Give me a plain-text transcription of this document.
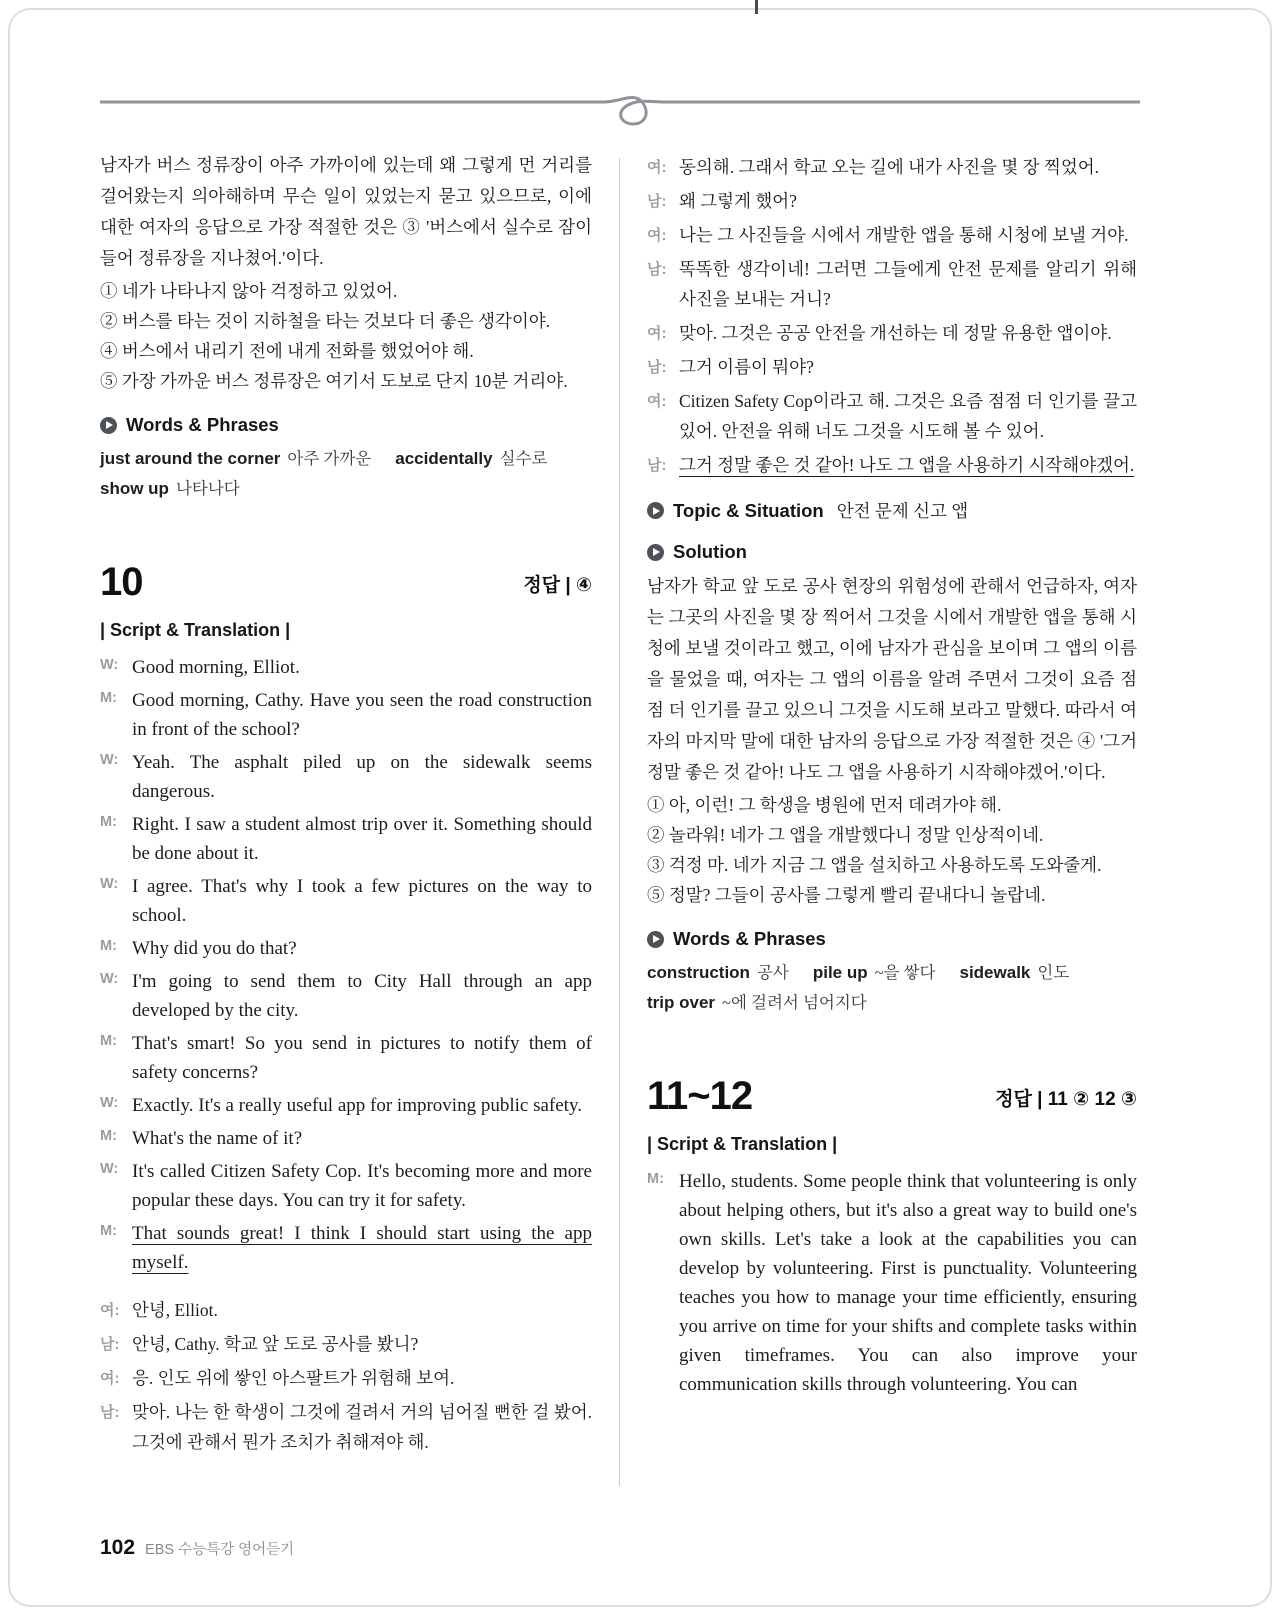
남자가 버스 정류장이 아주 가까이에 있는데 왜 그렇게 먼 거리를 걸어왔는지 의아해하며 무슨 일이 있었는지 묻고 있으므로, 이에 대한 여자의 응답으로 가장 적절한 것은 ③ '버스에서 실수로 잠이 들어 정류장을 지나쳤어.'이다.

① 네가 나타나지 않아 걱정하고 있었어.
② 버스를 타는 것이 지하철을 타는 것보다 더 좋은 생각이야.
④ 버스에서 내리기 전에 내게 전화를 했었어야 해.
⑤ 가장 가까운 버스 정류장은 여기서 도보로 단지 10분 거리야.
Words & Phrases
just around the corner 아주 가까운 accidentally 실수로show up 나타나다
10	정답 | ④
| Script & Translation |
W: Good morning, Elliot.
M: Good morning, Cathy. Have you seen the road construction in front of the school?
W: Yeah. The asphalt piled up on the sidewalk seems dangerous.
M: Right. I saw a student almost trip over it. Something should be done about it.
W: I agree. That's why I took a few pictures on the way to school.
M: Why did you do that?
W: I'm going to send them to City Hall through an app developed by the city.
M: That's smart! So you send in pictures to notify them of safety concerns?
W: Exactly. It's a really useful app for improving public safety.
M: What's the name of it?
W: It's called Citizen Safety Cop. It's becoming more and more popular these days. You can try it for safety.
M: That sounds great! I think I should start using the app myself.
여: 안녕, Elliot.
남: 안녕, Cathy. 학교 앞 도로 공사를 봤니?
여: 응. 인도 위에 쌓인 아스팔트가 위험해 보여.
남: 맞아. 나는 한 학생이 그것에 걸려서 거의 넘어질 뻔한 걸 봤어. 그것에 관해서 뭔가 조치가 취해져야 해.
여: 동의해. 그래서 학교 오는 길에 내가 사진을 몇 장 찍었어.
남: 왜 그렇게 했어?
여: 나는 그 사진들을 시에서 개발한 앱을 통해 시청에 보낼 거야.
남: 똑똑한 생각이네! 그러면 그들에게 안전 문제를 알리기 위해 사진을 보내는 거니?
여: 맞아. 그것은 공공 안전을 개선하는 데 정말 유용한 앱이야.
남: 그거 이름이 뭐야?
여: Citizen Safety Cop이라고 해. 그것은 요즘 점점 더 인기를 끌고 있어. 안전을 위해 너도 그것을 시도해 볼 수 있어.
남: 그거 정말 좋은 것 같아! 나도 그 앱을 사용하기 시작해야겠어.
Topic & Situation 안전 문제 신고 앱
Solution

남자가 학교 앞 도로 공사 현장의 위험성에 관해서 언급하자, 여자는 그곳의 사진을 몇 장 찍어서 그것을 시에서 개발한 앱을 통해 시청에 보낼 것이라고 했고, 이에 남자가 관심을 보이며 그 앱의 이름을 물었을 때, 여자는 그 앱의 이름을 알려 주면서 그것이 요즘 점점 더 인기를 끌고 있으니 그것을 시도해 보라고 말했다. 따라서 여자의 마지막 말에 대한 남자의 응답으로 가장 적절한 것은 ④ '그거 정말 좋은 것 같아! 나도 그 앱을 사용하기 시작해야겠어.'이다.

① 아, 이런! 그 학생을 병원에 먼저 데려가야 해.
② 놀라워! 네가 그 앱을 개발했다니 정말 인상적이네.
③ 걱정 마. 네가 지금 그 앱을 설치하고 사용하도록 도와줄게.
⑤ 정말? 그들이 공사를 그렇게 빨리 끝내다니 놀랍네.
Words & Phrases
construction 공사 pile up ~을 쌓다 sidewalk 인도trip over ~에 걸려서 넘어지다
11~12	정답 | 11 ② 12 ③
| Script & Translation |
M: Hello, students. Some people think that volunteering is only about helping others, but it's also a great way to build one's own skills. Let's take a look at the capabilities you can develop by volunteering. First is punctuality. Volunteering teaches you how to manage your time efficiently, ensuring you arrive on time for your shifts and complete tasks within given timeframes. You can also improve your communication skills through volunteering. You can
102 EBS 수능특강 영어듣기
